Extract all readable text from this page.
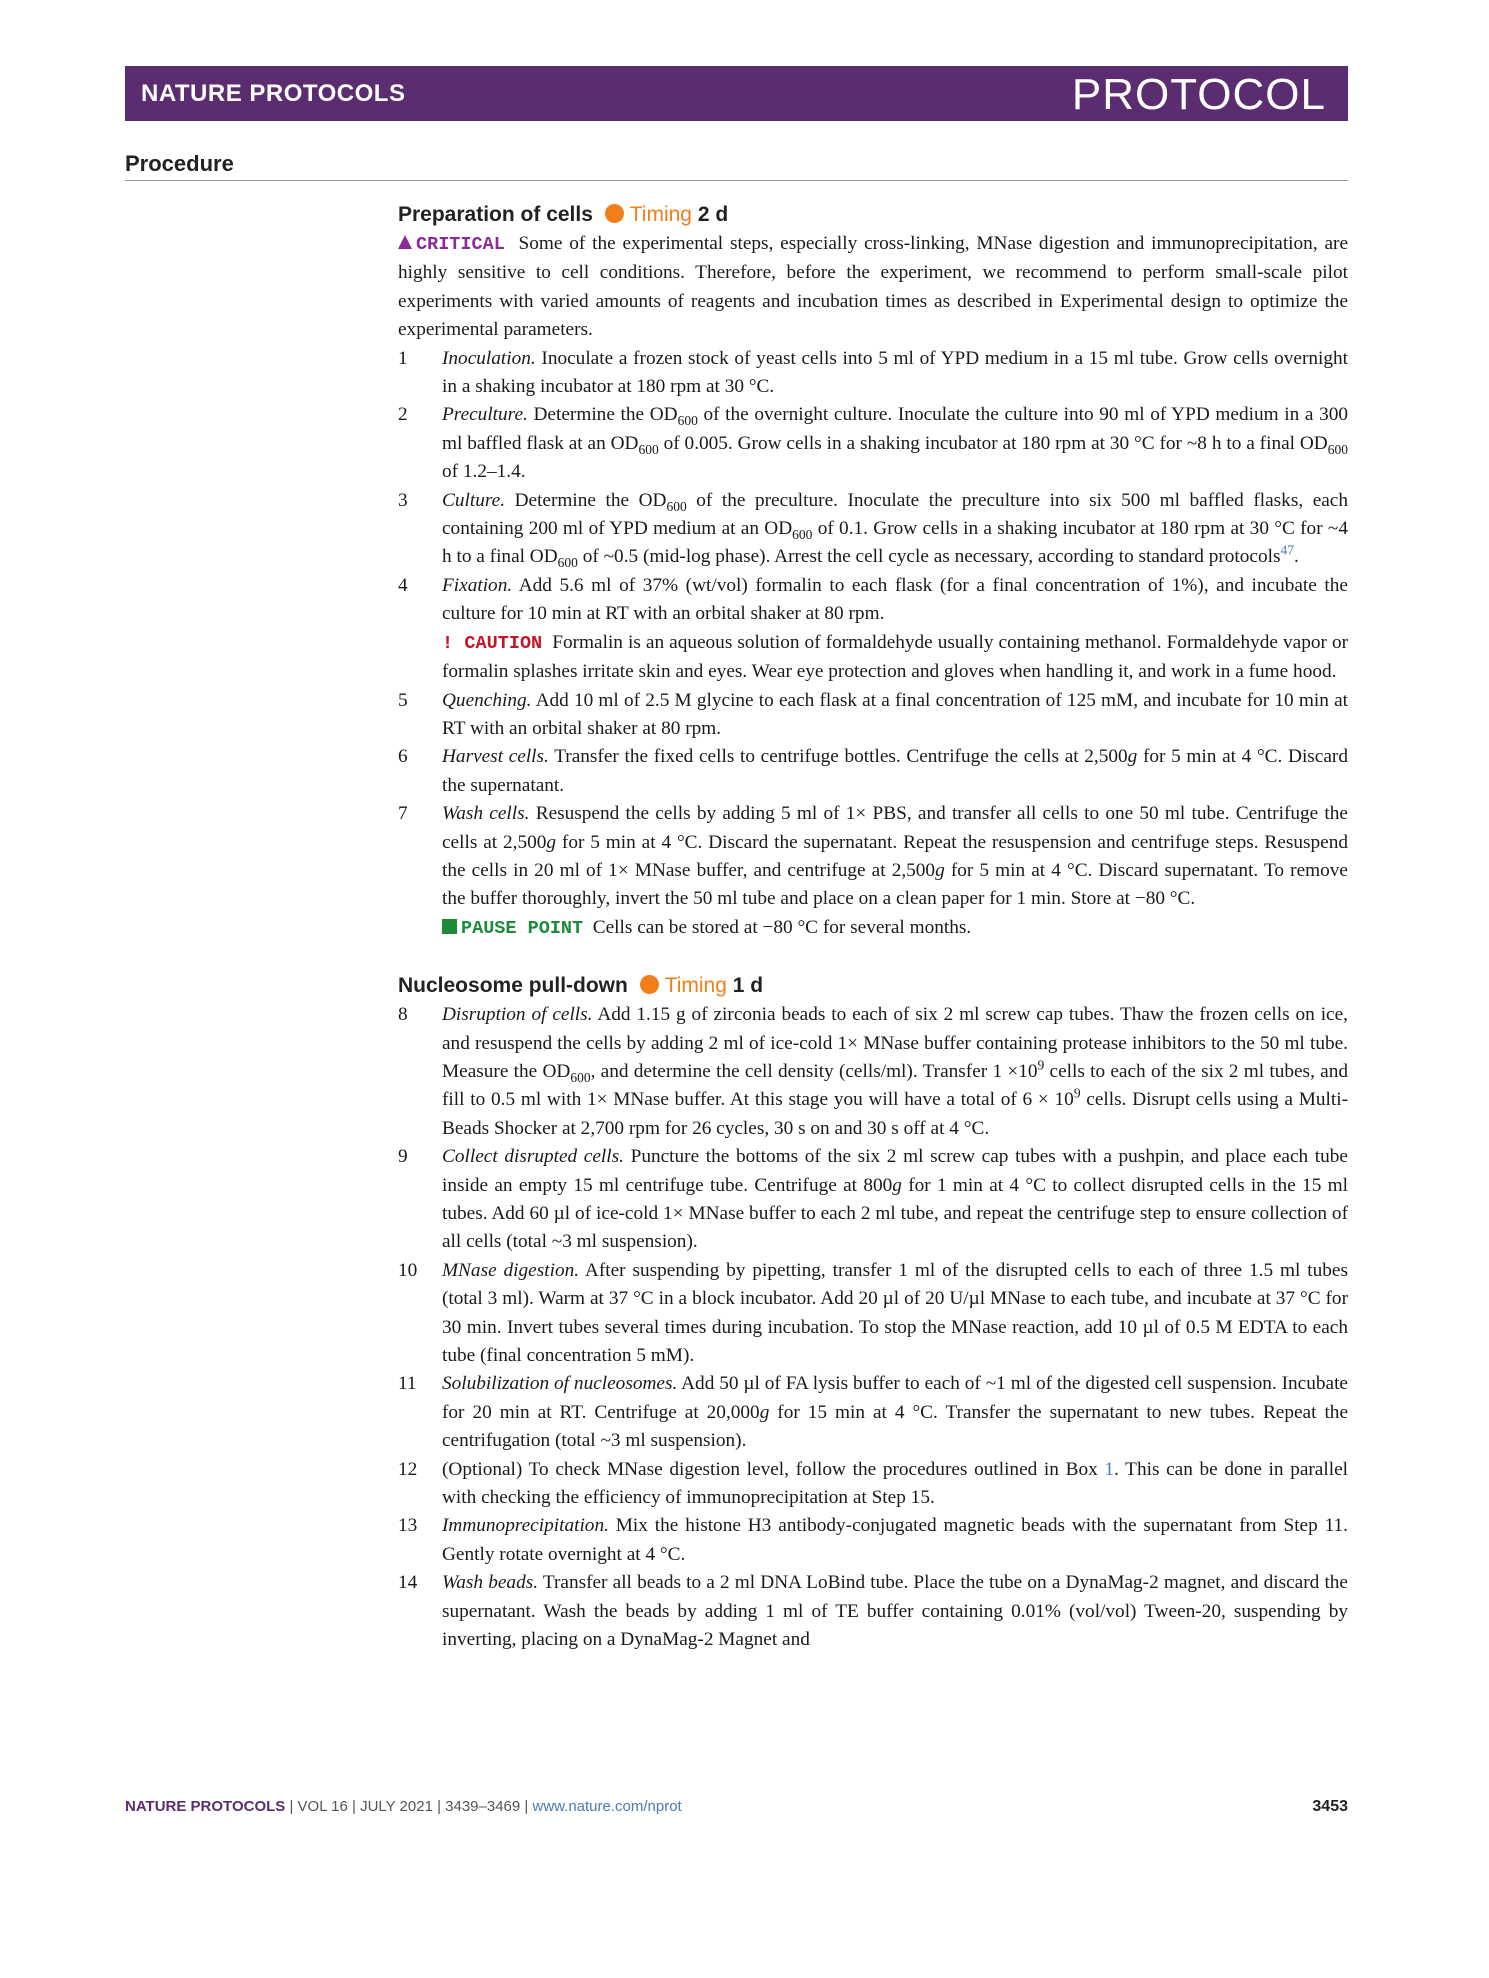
NATURE PROTOCOLS	PROTOCOL
Procedure

Preparation of cells Timing 2 d

CRITICAL Some of the experimental steps, especially cross-linking, MNase digestion and immunoprecipitation, are highly sensitive to cell conditions. Therefore, before the experiment, we recommend to perform small-scale pilot experiments with varied amounts of reagents and incubation times as described in Experimental design to optimize the experimental parameters.

1	Inoculation. Inoculate a frozen stock of yeast cells into 5 ml of YPD medium in a 15 ml tube. Grow cells overnight in a shaking incubator at 180 rpm at 30 °C.

2	Preculture. Determine the $OD_{600}$ of the overnight culture. Inoculate the culture into 90 ml of YPD medium in a 300 ml baffled flask at an $OD_{600}$ of 0.005. Grow cells in a shaking incubator at 180 rpm at 30 °C for ~8 h to a final $OD_{600}$ of 1.2–1.4.

3	Culture. Determine the $OD_{600}$ of the preculture. Inoculate the preculture into six 500 ml baffled flasks, each containing 200 ml of YPD medium at an $OD_{600}$ of 0.1. Grow cells in a shaking incubator at 180 rpm at 30 °C for ~4 h to a final $OD_{600}$ of ~0.5 (mid-log phase). Arrest the cell cycle as necessary, according to standard protocols$^{47}$.

4	Fixation. Add 5.6 ml of 37% (wt/vol) formalin to each flask (for a final concentration of 1%), and incubate the culture for 10 min at RT with an orbital shaker at 80 rpm.

! CAUTION Formalin is an aqueous solution of formaldehyde usually containing methanol. Formaldehyde vapor or formalin splashes irritate skin and eyes. Wear eye protection and gloves when handling it, and work in a fume hood.

5	Quenching. Add 10 ml of 2.5 M glycine to each flask at a final concentration of 125 mM, and incubate for 10 min at RT with an orbital shaker at 80 rpm.

6	Harvest cells. Transfer the fixed cells to centrifuge bottles. Centrifuge the cells at 2,500g for 5 min at 4 °C. Discard the supernatant.

7	Wash cells. Resuspend the cells by adding 5 ml of 1× PBS, and transfer all cells to one 50 ml tube. Centrifuge the cells at 2,500g for 5 min at 4 °C. Discard the supernatant. Repeat the resuspension and centrifuge steps. Resuspend the cells in 20 ml of 1× MNase buffer, and centrifuge at 2,500g for 5 min at 4 °C. Discard supernatant. To remove the buffer thoroughly, invert the 50 ml tube and place on a clean paper for 1 min. Store at −80 °C.

PAUSE POINT Cells can be stored at −80 °C for several months.

Nucleosome pull-down Timing 1 d

8	Disruption of cells. Add 1.15 g of zirconia beads to each of six 2 ml screw cap tubes. Thaw the frozen cells on ice, and resuspend the cells by adding 2 ml of ice-cold 1× MNase buffer containing protease inhibitors to the 50 ml tube. Measure the $OD_{600}$, and determine the cell density (cells/ml). Transfer $1 \times 10^9$ cells to each of the six 2 ml tubes, and fill to 0.5 ml with 1× MNase buffer. At this stage you will have a total of $6 \times 10^9$ cells. Disrupt cells using a Multi-Beads Shocker at 2,700 rpm for 26 cycles, 30 s on and 30 s off at 4 °C.

9	Collect disrupted cells. Puncture the bottoms of the six 2 ml screw cap tubes with a pushpin, and place each tube inside an empty 15 ml centrifuge tube. Centrifuge at 800g for 1 min at 4 °C to collect disrupted cells in the 15 ml tubes. Add 60 µl of ice-cold 1× MNase buffer to each 2 ml tube, and repeat the centrifuge step to ensure collection of all cells (total ~3 ml suspension).

10	MNase digestion. After suspending by pipetting, transfer 1 ml of the disrupted cells to each of three 1.5 ml tubes (total 3 ml). Warm at 37 °C in a block incubator. Add 20 µl of 20 U/µl MNase to each tube, and incubate at 37 °C for 30 min. Invert tubes several times during incubation. To stop the MNase reaction, add 10 µl of 0.5 M EDTA to each tube (final concentration 5 mM).

11	Solubilization of nucleosomes. Add 50 µl of FA lysis buffer to each of ~1 ml of the digested cell suspension. Incubate for 20 min at RT. Centrifuge at 20,000g for 15 min at 4 °C. Transfer the supernatant to new tubes. Repeat the centrifugation (total ~3 ml suspension).

12	(Optional) To check MNase digestion level, follow the procedures outlined in Box 1. This can be done in parallel with checking the efficiency of immunoprecipitation at Step 15.

13	Immunoprecipitation. Mix the histone H3 antibody-conjugated magnetic beads with the supernatant from Step 11. Gently rotate overnight at 4 °C.

14	Wash beads. Transfer all beads to a 2 ml DNA LoBind tube. Place the tube on a DynaMag-2 magnet, and discard the supernatant. Wash the beads by adding 1 ml of TE buffer containing 0.01% (vol/vol) Tween-20, suspending by inverting, placing on a DynaMag-2 Magnet and

NATURE PROTOCOLS | VOL 16 | JULY 2021 | 3439–3469 | www.nature.com/nprot	3453
